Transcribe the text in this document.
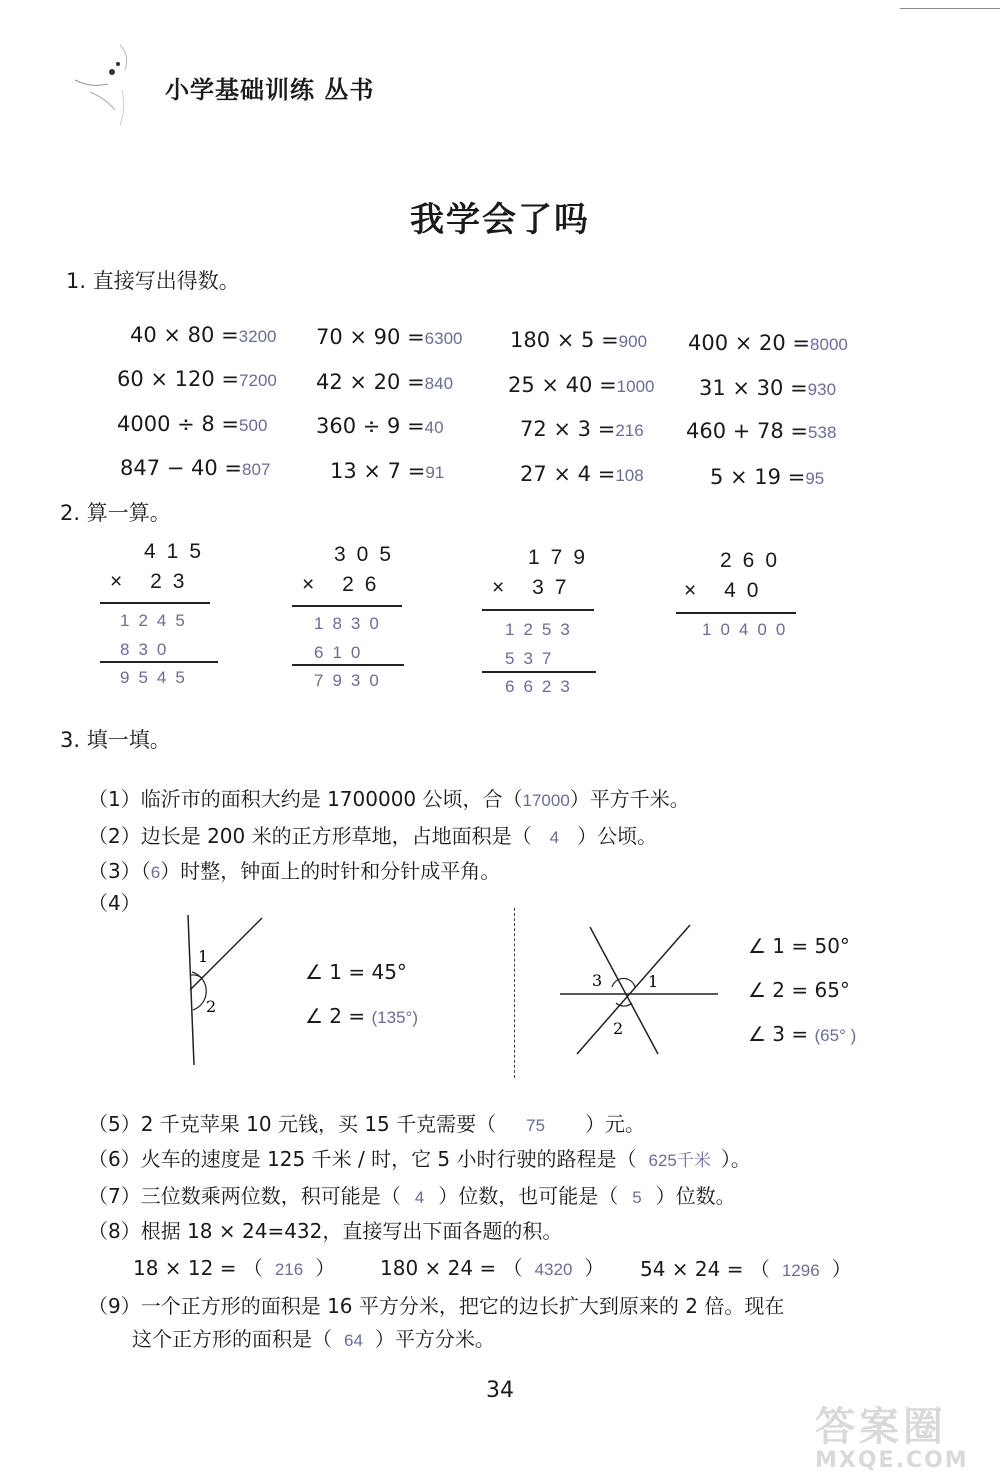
小学基础训练 丛书
我学会了吗
1. 直接写出得数。
40 × 80 =3200 70 × 90 =6300 180 × 5 =900 400 × 20 =8000
60 × 120 =7200 42 × 20 =840	25 × 40 =1000 31 × 30 =930
4000 ÷ 8 =500 360 ÷ 9 =40	72 × 3 =216 460 + 78 =538
847 − 40 =807	13 × 7 =91	27 × 4 =108	5 × 19 =95
2. 算一算。
415
× 23
1245
830
9545
305
× 26
1830
610
7930
179
× 37
1253
537
6623
260
× 40
10400
3. 填一填。
（1）临沂市的面积大约是 1700000 公顷，合（17000）平方千米。
（2）边长是 200 米的正方形草地，占地面积是（ 4 ）公顷。
（3）（6）时整，钟面上的时针和分针成平角。
（4）
1
2
∠ 1 = 45°
∠ 2 = (135°)
1
2
3
∠ 1 = 50°
∠ 2 = 65°
∠ 3 = (65° )
（5）2 千克苹果 10 元钱，买 15 千克需要（ 75 ）元。
（6）火车的速度是 125 千米 / 时，它 5 小时行驶的路程是（ 625千米 ）。
（7）三位数乘两位数，积可能是（ 4 ）位数，也可能是（ 5 ）位数。
（8）根据 18 × 24=432，直接写出下面各题的积。
18 × 12 = （ 216 ） 180 × 24 = （ 4320 ） 54 × 24 = （ 1296 ）
（9）一个正方形的面积是 16 平方分米，把它的边长扩大到原来的 2 倍。现在
这个正方形的面积是（ 64 ）平方分米。
34
答案圈
MXQE.COM
